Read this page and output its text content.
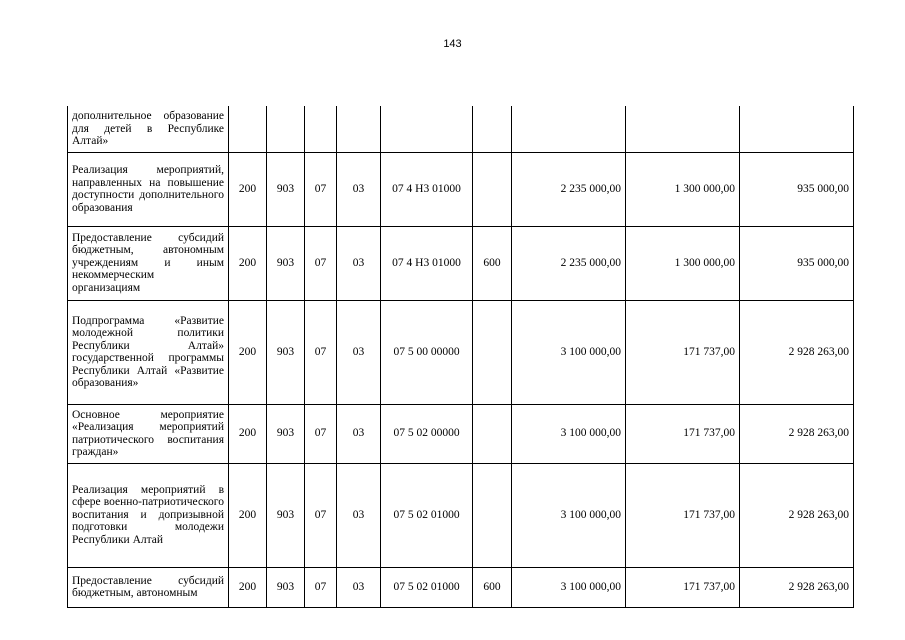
143
дополнительное образование для детей в Республике Алтай»									
Реализация мероприятий, направленных на повышение доступности дополнительного образования	200	903	07	03	07 4 Н3 01000		2 235 000,00	1 300 000,00	935 000,00
Предоставление субсидий бюджетным, автономным учреждениям и иным некоммерческим организациям	200	903	07	03	07 4 Н3 01000	600	2 235 000,00	1 300 000,00	935 000,00
Подпрограмма «Развитие молодежной политики Республики Алтай» государственной программы Республики Алтай «Развитие образования»	200	903	07	03	07 5 00 00000		3 100 000,00	171 737,00	2 928 263,00
Основное мероприятие «Реализация мероприятий патриотического воспитания граждан»	200	903	07	03	07 5 02 00000		3 100 000,00	171 737,00	2 928 263,00
Реализация мероприятий в сфере военно-патриотического воспитания и допризывной подготовки молодежи Республики Алтай	200	903	07	03	07 5 02 01000		3 100 000,00	171 737,00	2 928 263,00
Предоставление субсидий бюджетным, автономным	200	903	07	03	07 5 02 01000	600	3 100 000,00	171 737,00	2 928 263,00
